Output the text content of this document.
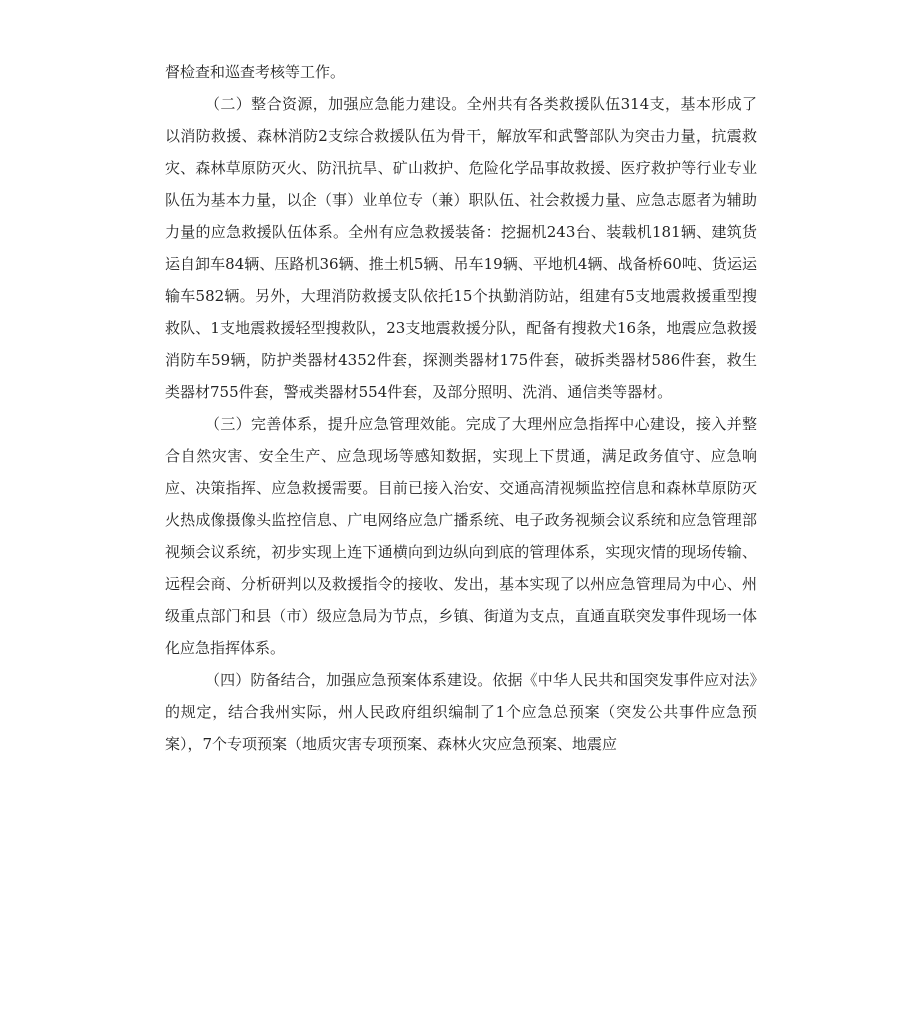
督检查和巡查考核等工作。

（二）整合资源，加强应急能力建设。全州共有各类救援队伍314支，基本形成了以消防救援、森林消防2支综合救援队伍为骨干，解放军和武警部队为突击力量，抗震救灾、森林草原防灭火、防汛抗旱、矿山救护、危险化学品事故救援、医疗救护等行业专业队伍为基本力量，以企（事）业单位专（兼）职队伍、社会救援力量、应急志愿者为辅助力量的应急救援队伍体系。全州有应急救援装备：挖掘机243台、装载机181辆、建筑货运自卸车84辆、压路机36辆、推土机5辆、吊车19辆、平地机4辆、战备桥60吨、货运运输车582辆。另外，大理消防救援支队依托15个执勤消防站，组建有5支地震救援重型搜救队、1支地震救援轻型搜救队，23支地震救援分队，配备有搜救犬16条，地震应急救援消防车59辆，防护类器材4352件套，探测类器材175件套，破拆类器材586件套，救生类器材755件套，警戒类器材554件套，及部分照明、洗消、通信类等器材。

（三）完善体系，提升应急管理效能。完成了大理州应急指挥中心建设，接入并整合自然灾害、安全生产、应急现场等感知数据，实现上下贯通，满足政务值守、应急响应、决策指挥、应急救援需要。目前已接入治安、交通高清视频监控信息和森林草原防灭火热成像摄像头监控信息、广电网络应急广播系统、电子政务视频会议系统和应急管理部视频会议系统，初步实现上连下通横向到边纵向到底的管理体系，实现灾情的现场传输、远程会商、分析研判以及救援指令的接收、发出，基本实现了以州应急管理局为中心、州级重点部门和县（市）级应急局为节点，乡镇、街道为支点，直通直联突发事件现场一体化应急指挥体系。

（四）防备结合，加强应急预案体系建设。依据《中华人民共和国突发事件应对法》的规定，结合我州实际，州人民政府组织编制了1个应急总预案（突发公共事件应急预案），7个专项预案（地质灾害专项预案、森林火灾应急预案、地震应
